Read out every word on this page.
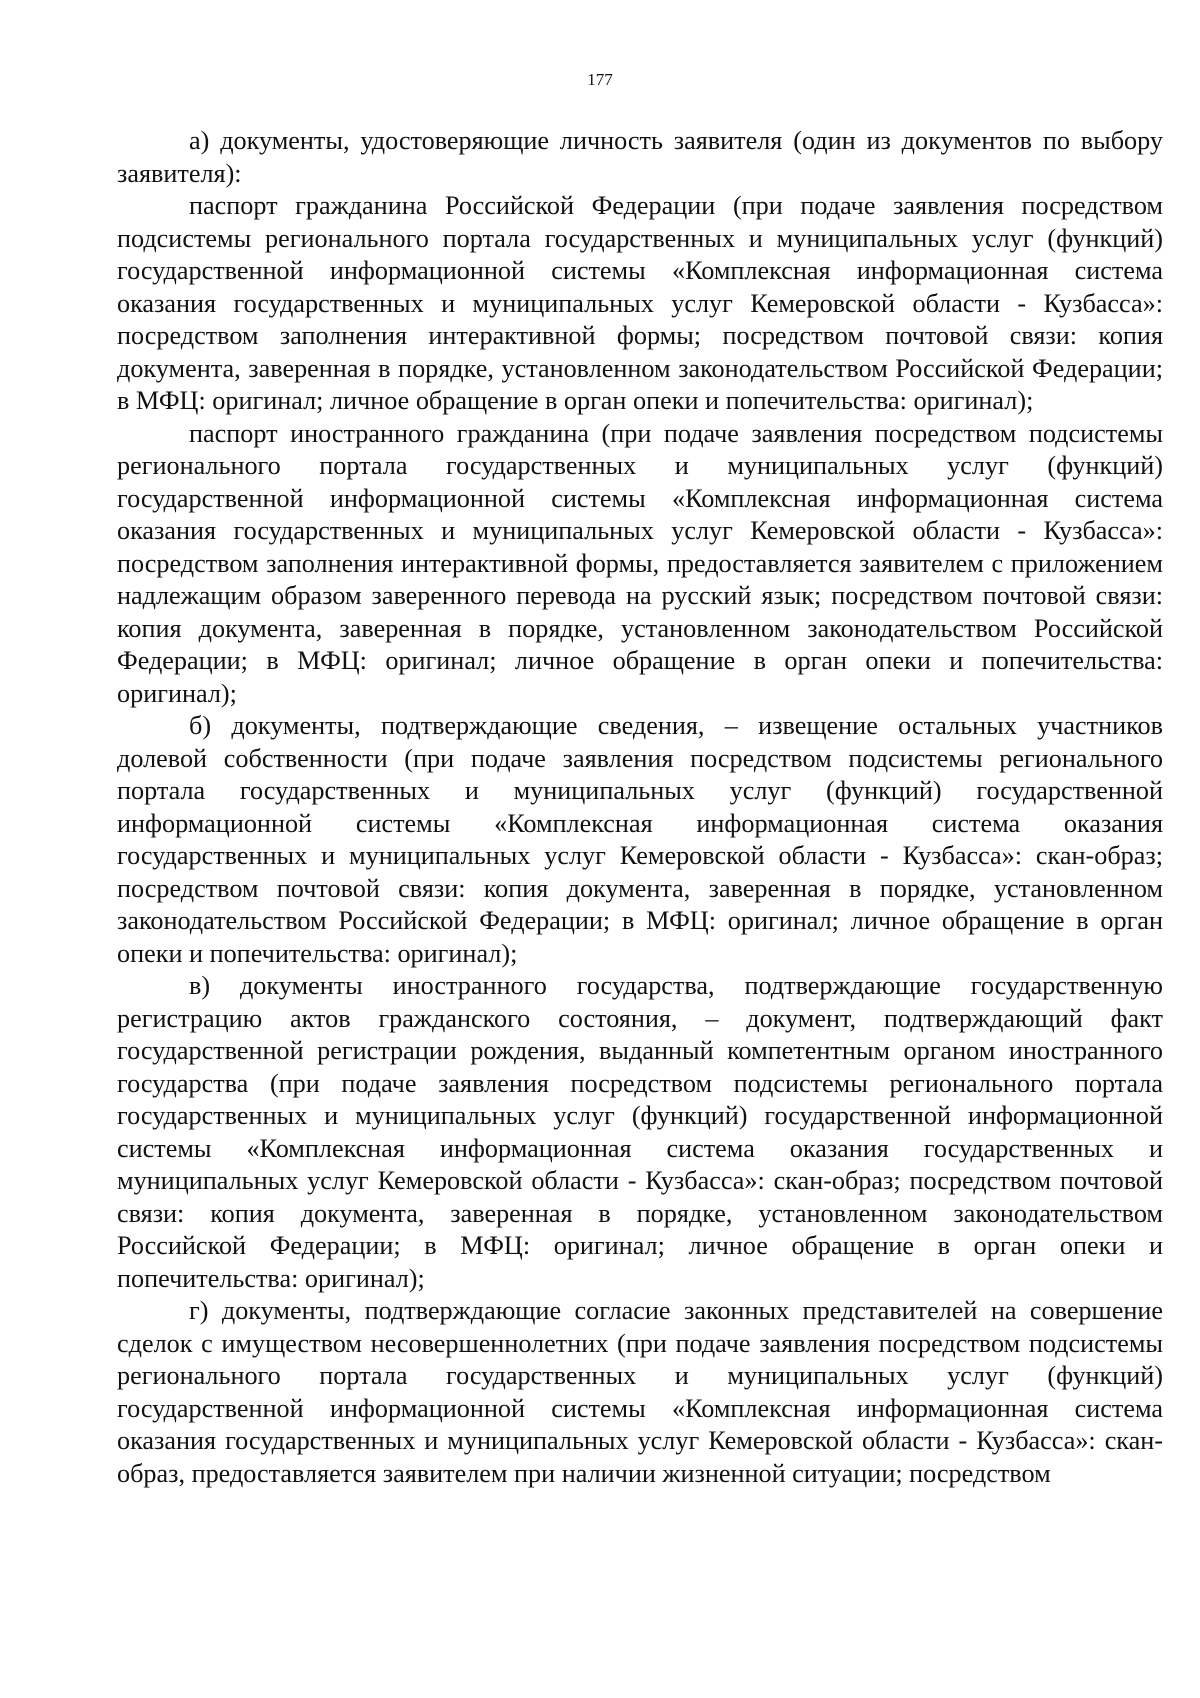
177

а) документы, удостоверяющие личность заявителя (один из документов по выбору заявителя):

паспорт гражданина Российской Федерации (при подаче заявления посредством подсистемы регионального портала государственных и муниципальных услуг (функций) государственной информационной системы «Комплексная информационная система оказания государственных и муниципальных услуг Кемеровской области - Кузбасса»: посредством заполнения интерактивной формы; посредством почтовой связи: копия документа, заверенная в порядке, установленном законодательством Российской Федерации; в МФЦ: оригинал; личное обращение в орган опеки и попечительства: оригинал);

паспорт иностранного гражданина (при подаче заявления посредством подсистемы регионального портала государственных и муниципальных услуг (функций) государственной информационной системы «Комплексная информационная система оказания государственных и муниципальных услуг Кемеровской области - Кузбасса»: посредством заполнения интерактивной формы, предоставляется заявителем с приложением надлежащим образом заверенного перевода на русский язык; посредством почтовой связи: копия документа, заверенная в порядке, установленном законодательством Российской Федерации; в МФЦ: оригинал; личное обращение в орган опеки и попечительства: оригинал);

б) документы, подтверждающие сведения, – извещение остальных участников долевой собственности (при подаче заявления посредством подсистемы регионального портала государственных и муниципальных услуг (функций) государственной информационной системы «Комплексная информационная система оказания государственных и муниципальных услуг Кемеровской области - Кузбасса»: скан-образ; посредством почтовой связи: копия документа, заверенная в порядке, установленном законодательством Российской Федерации; в МФЦ: оригинал; личное обращение в орган опеки и попечительства: оригинал);

в) документы иностранного государства, подтверждающие государственную регистрацию актов гражданского состояния, – документ, подтверждающий факт государственной регистрации рождения, выданный компетентным органом иностранного государства (при подаче заявления посредством подсистемы регионального портала государственных и муниципальных услуг (функций) государственной информационной системы «Комплексная информационная система оказания государственных и муниципальных услуг Кемеровской области - Кузбасса»: скан-образ; посредством почтовой связи: копия документа, заверенная в порядке, установленном законодательством Российской Федерации; в МФЦ: оригинал; личное обращение в орган опеки и попечительства: оригинал);

г) документы, подтверждающие согласие законных представителей на совершение сделок с имуществом несовершеннолетних (при подаче заявления посредством подсистемы регионального портала государственных и муниципальных услуг (функций) государственной информационной системы «Комплексная информационная система оказания государственных и муниципальных услуг Кемеровской области - Кузбасса»: скан-образ, предоставляется заявителем при наличии жизненной ситуации; посредством
